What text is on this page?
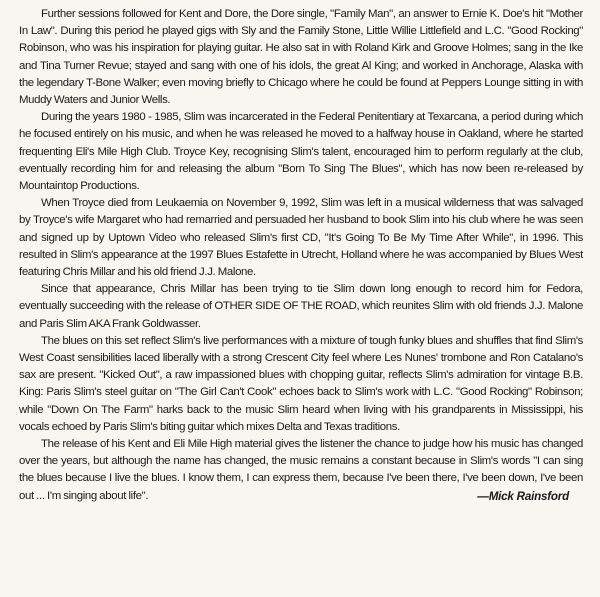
Further sessions followed for Kent and Dore, the Dore single, "Family Man", an answer to Ernie K. Doe's hit "Mother In Law". During this period he played gigs with Sly and the Family Stone, Little Willie Littlefield and L.C. "Good Rocking" Robinson, who was his inspiration for playing guitar. He also sat in with Roland Kirk and Groove Holmes; sang in the Ike and Tina Turner Revue; stayed and sang with one of his idols, the great Al King; and worked in Anchorage, Alaska with the legendary T-Bone Walker; even moving briefly to Chicago where he could be found at Peppers Lounge sitting in with Muddy Waters and Junior Wells.

During the years 1980 - 1985, Slim was incarcerated in the Federal Penitentiary at Texarcana, a period during which he focused entirely on his music, and when he was released he moved to a halfway house in Oakland, where he started frequenting Eli's Mile High Club. Troyce Key, recognising Slim's talent, encouraged him to perform regularly at the club, eventually recording him for and releasing the album "Born To Sing The Blues", which has now been re-released by Mountaintop Productions.

When Troyce died from Leukaemia on November 9, 1992, Slim was left in a musical wilderness that was salvaged by Troyce's wife Margaret who had remarried and persuaded her husband to book Slim into his club where he was seen and signed up by Uptown Video who released Slim's first CD, "It's Going To Be My Time After While", in 1996. This resulted in Slim's appearance at the 1997 Blues Estafette in Utrecht, Holland where he was accompanied by Blues West featuring Chris Millar and his old friend J.J. Malone.

Since that appearance, Chris Millar has been trying to tie Slim down long enough to record him for Fedora, eventually succeeding with the release of OTHER SIDE OF THE ROAD, which reunites Slim with old friends J.J. Malone and Paris Slim AKA Frank Goldwasser.

The blues on this set reflect Slim's live performances with a mixture of tough funky blues and shuffles that find Slim's West Coast sensibilities laced liberally with a strong Crescent City feel where Les Nunes' trombone and Ron Catalano's sax are present. "Kicked Out", a raw impassioned blues with chopping guitar, reflects Slim's admiration for vintage B.B. King: Paris Slim's steel guitar on "The Girl Can't Cook" echoes back to Slim's work with L.C. "Good Rocking" Robinson; while "Down On The Farm" harks back to the music Slim heard when living with his grandparents in Mississippi, his vocals echoed by Paris Slim's biting guitar which mixes Delta and Texas traditions.

The release of his Kent and Eli Mile High material gives the listener the chance to judge how his music has changed over the years, but although the name has changed, the music remains a constant because in Slim's words "I can sing the blues because I live the blues. I know them, I can express them, because I've been there, I've been down, I've been out ... I'm singing about life".	—Mick Rainsford
